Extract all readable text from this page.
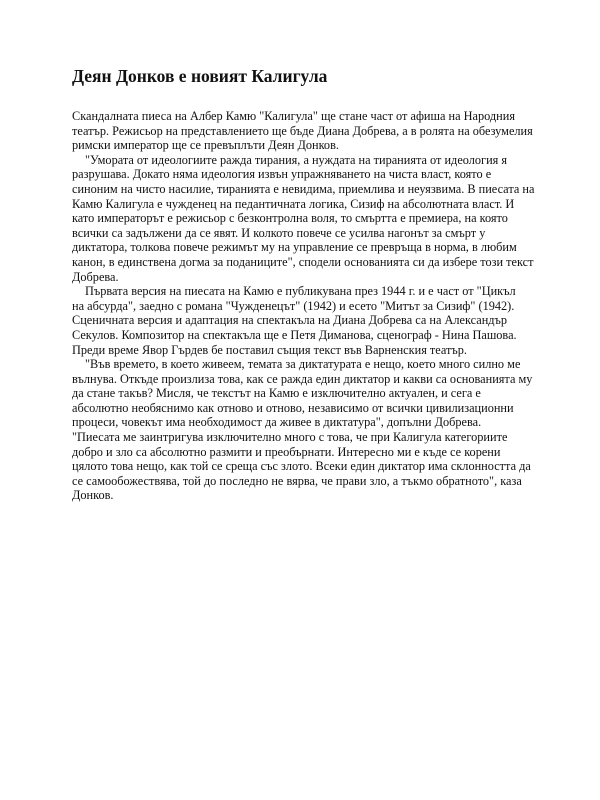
Деян Донков е новият Калигула
Скандалната пиеса на Албер Камю "Калигула" ще стане част от афиша на Народния
театър. Режисьор на представлението ще бъде Диана Добрева, а в ролята на обезумелия
римски император ще се превъплъти Деян Донков.
"Умората от идеологиите ражда тирания, а нуждата на тиранията от идеология я
разрушава. Докато няма идеология извън упражняването на чиста власт, която е
синоним на чисто насилие, тиранията е невидима, приемлива и неуязвима. В пиесата на
Камю Калигула е чужденец на педантичната логика, Сизиф на абсолютната власт. И
като императорът е режисьор с безконтролна воля, то смъртта е премиера, на която
всички са задължени да се явят. И колкото повече се усилва нагонът за смърт у
диктатора, толкова повече режимът му на управление се превръща в норма, в любим
канон, в единствена догма за поданиците", сподели основанията си да избере този текст
Добрева.
Първата версия на пиесата на Камю е публикувана през 1944 г. и е част от "Цикъл
на абсурда", заедно с романа "Чужденецът" (1942) и есето "Митът за Сизиф" (1942).
Сценичната версия и адаптация на спектакъла на Диана Добрева са на Александър
Секулов. Композитор на спектакъла ще е Петя Диманова, сценограф - Нина Пашова.
Преди време Явор Гърдев бе поставил същия текст във Варненския театър.
"Във времето, в което живеем, темата за диктатурата е нещо, което много силно ме
вълнува. Откъде произлиза това, как се ражда един диктатор и какви са основанията му
да стане такъв? Мисля, че текстът на Камю е изключително актуален, и сега е
абсолютно необяснимо как отново и отново, независимо от всички цивилизационни
процеси, човекът има необходимост да живее в диктатура", допълни Добрева.
"Пиесата ме заинтригува изключително много с това, че при Калигула категориите
добро и зло са абсолютно размити и преобърнати. Интересно ми е къде се корени
цялото това нещо, как той се среща със злото. Всеки един диктатор има склонността да
се самообожествява, той до последно не вярва, че прави зло, а тъкмо обратното", каза
Донков.
